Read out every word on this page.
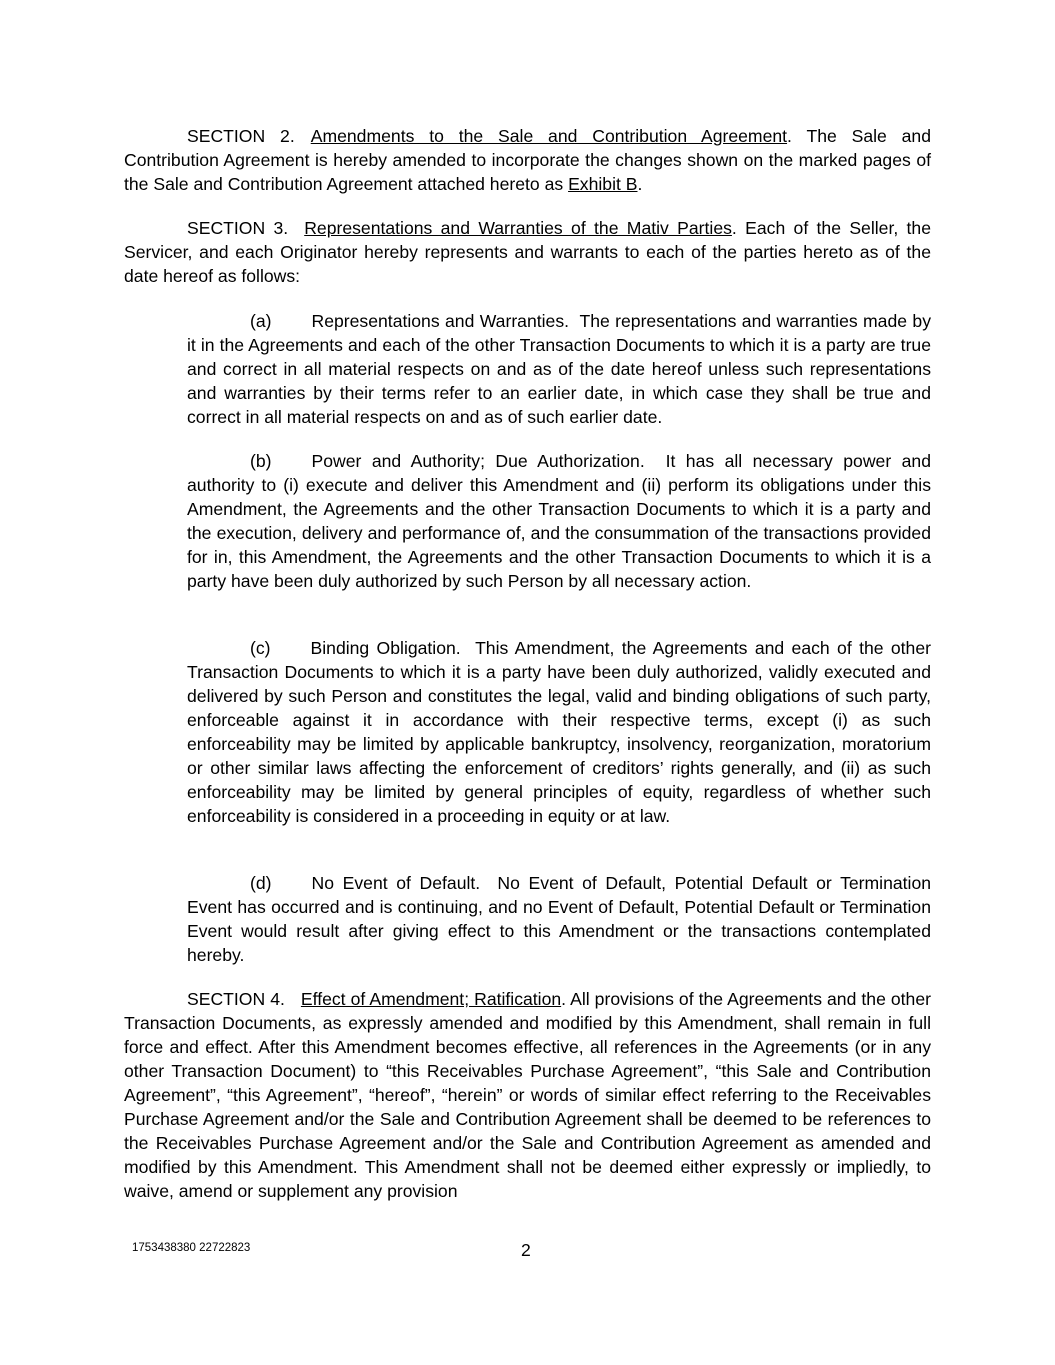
SECTION 2. Amendments to the Sale and Contribution Agreement. The Sale and Contribution Agreement is hereby amended to incorporate the changes shown on the marked pages of the Sale and Contribution Agreement attached hereto as Exhibit B.

SECTION 3. Representations and Warranties of the Mativ Parties. Each of the Seller, the Servicer, and each Originator hereby represents and warrants to each of the parties hereto as of the date hereof as follows:

(a) Representations and Warranties. The representations and warranties made by it in the Agreements and each of the other Transaction Documents to which it is a party are true and correct in all material respects on and as of the date hereof unless such representations and warranties by their terms refer to an earlier date, in which case they shall be true and correct in all material respects on and as of such earlier date.

(b) Power and Authority; Due Authorization. It has all necessary power and authority to (i) execute and deliver this Amendment and (ii) perform its obligations under this Amendment, the Agreements and the other Transaction Documents to which it is a party and the execution, delivery and performance of, and the consummation of the transactions provided for in, this Amendment, the Agreements and the other Transaction Documents to which it is a party have been duly authorized by such Person by all necessary action.

(c) Binding Obligation. This Amendment, the Agreements and each of the other Transaction Documents to which it is a party have been duly authorized, validly executed and delivered by such Person and constitutes the legal, valid and binding obligations of such party, enforceable against it in accordance with their respective terms, except (i) as such enforceability may be limited by applicable bankruptcy, insolvency, reorganization, moratorium or other similar laws affecting the enforcement of creditors’ rights generally, and (ii) as such enforceability may be limited by general principles of equity, regardless of whether such enforceability is considered in a proceeding in equity or at law.

(d) No Event of Default. No Event of Default, Potential Default or Termination Event has occurred and is continuing, and no Event of Default, Potential Default or Termination Event would result after giving effect to this Amendment or the transactions contemplated hereby.

SECTION 4. Effect of Amendment; Ratification. All provisions of the Agreements and the other Transaction Documents, as expressly amended and modified by this Amendment, shall remain in full force and effect. After this Amendment becomes effective, all references in the Agreements (or in any other Transaction Document) to “this Receivables Purchase Agreement”, “this Sale and Contribution Agreement”, “this Agreement”, “hereof”, “herein” or words of similar effect referring to the Receivables Purchase Agreement and/or the Sale and Contribution Agreement shall be deemed to be references to the Receivables Purchase Agreement and/or the Sale and Contribution Agreement as amended and modified by this Amendment. This Amendment shall not be deemed either expressly or impliedly, to waive, amend or supplement any provision

1753438380 22722823	2
